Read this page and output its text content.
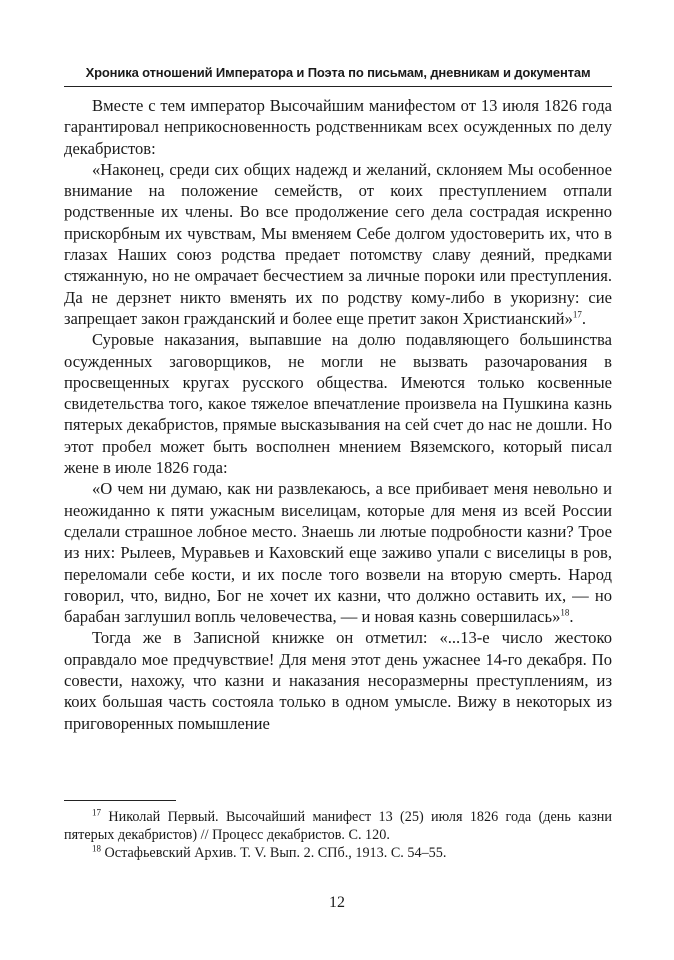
Хроника отношений Императора и Поэта по письмам, дневникам и документам

Вместе с тем император Высочайшим манифестом от 13 июля 1826 года гарантировал неприкосновенность родственникам всех осужденных по делу декабристов:

«Наконец, среди сих общих надежд и желаний, склоняем Мы особенное внимание на положение семейств, от коих преступлением отпали родственные их члены. Во все продолжение сего дела сострадая искренно прискорбным их чувствам, Мы вменяем Себе долгом удостоверить их, что в глазах Наших союз родства предает потомству славу деяний, предками стяжанную, но не омрачает бесчестием за личные пороки или преступления. Да не дерзнет никто вменять их по родству кому-либо в укоризну: сие запрещает закон гражданский и более еще претит закон Христианский»$^{17}$.

Суровые наказания, выпавшие на долю подавляющего большинства осужденных заговорщиков, не могли не вызвать разочарования в просвещенных кругах русского общества. Имеются только косвенные свидетельства того, какое тяжелое впечатление произвела на Пушкина казнь пятерых декабристов, прямые высказывания на сей счет до нас не дошли. Но этот пробел может быть восполнен мнением Вяземского, который писал жене в июле 1826 года:

«О чем ни думаю, как ни развлекаюсь, а все прибивает меня невольно и неожиданно к пяти ужасным виселицам, которые для меня из всей России сделали страшное лобное место. Знаешь ли лютые подробности казни? Трое из них: Рылеев, Муравьев и Каховский еще заживо упали с виселицы в ров, переломали себе кости, и их после того возвели на вторую смерть. Народ говорил, что, видно, Бог не хочет их казни, что должно оставить их, — но барабан заглушил вопль человечества, — и новая казнь совершилась»$^{18}$.

Тогда же в Записной книжке он отметил: «...13-е число жестоко оправдало мое предчувствие! Для меня этот день ужаснее 14-го декабря. По совести, нахожу, что казни и наказания несоразмерны преступлениям, из коих большая часть состояла только в одном умысле. Вижу в некоторых из приговоренных помышление

$^{17}$ Николай Первый. Высочайший манифест 13 (25) июля 1826 года (день казни пятерых декабристов) // Процесс декабристов. С. 120.

$^{18}$ Остафьевский Архив. Т. V. Вып. 2. СПб., 1913. С. 54–55.

12
